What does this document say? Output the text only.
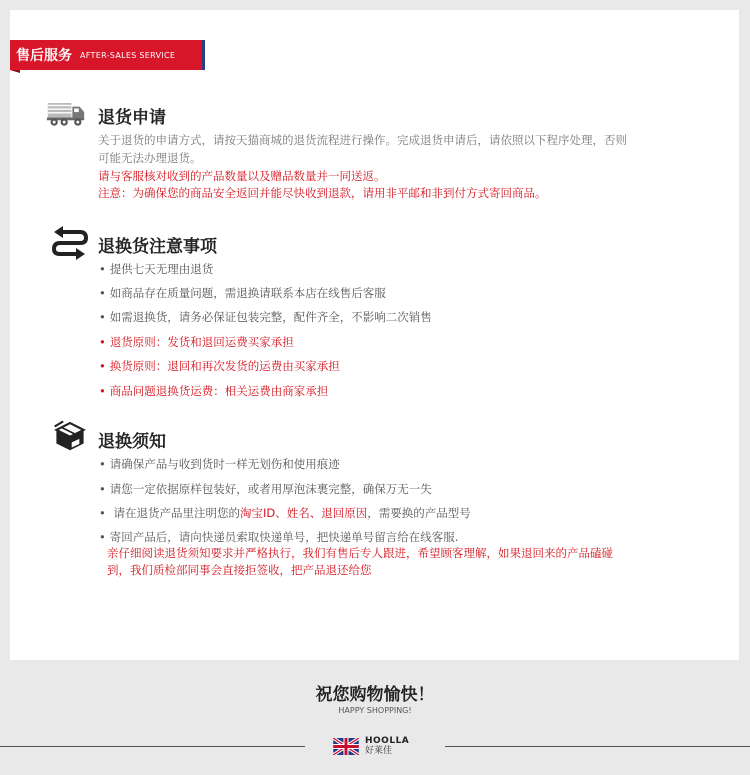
售后服务 AFTER-SALES SERVICE
退货申请
关于退货的申请方式，请按天猫商城的退货流程进行操作。完成退货申请后，请依照以下程序处理，否则
可能无法办理退货。
请与客服核对收到的产品数量以及赠品数量并一同送返。
注意：为确保您的商品安全返回并能尽快收到退款，请用非平邮和非到付方式寄回商品。
退换货注意事项
• 提供七天无理由退货
• 如商品存在质量问题，需退换请联系本店在线售后客服
• 如需退换货，请务必保证包装完整，配件齐全，不影响二次销售
• 退货原则：发货和退回运费买家承担
• 换货原则：退回和再次发货的运费由买家承担
• 商品问题退换货运费：相关运费由商家承担
退换须知
• 请确保产品与收到货时一样无划伤和使用痕迹
• 请您一定依据原样包装好，或者用厚泡沫裹完整，确保万无一失
• 请在退货产品里注明您的淘宝ID、姓名、退回原因，需要换的产品型号
• 寄回产品后，请向快递员索取快递单号，把快递单号留言给在线客服.
亲仔细阅读退货须知要求并严格执行，我们有售后专人跟进，希望顾客理解，如果退回来的产品磕碰
到，我们质检部同事会直接拒签收，把产品退还给您
祝您购物愉快！
HAPPY SHOPPING!
HOOLLA
好莱佳
